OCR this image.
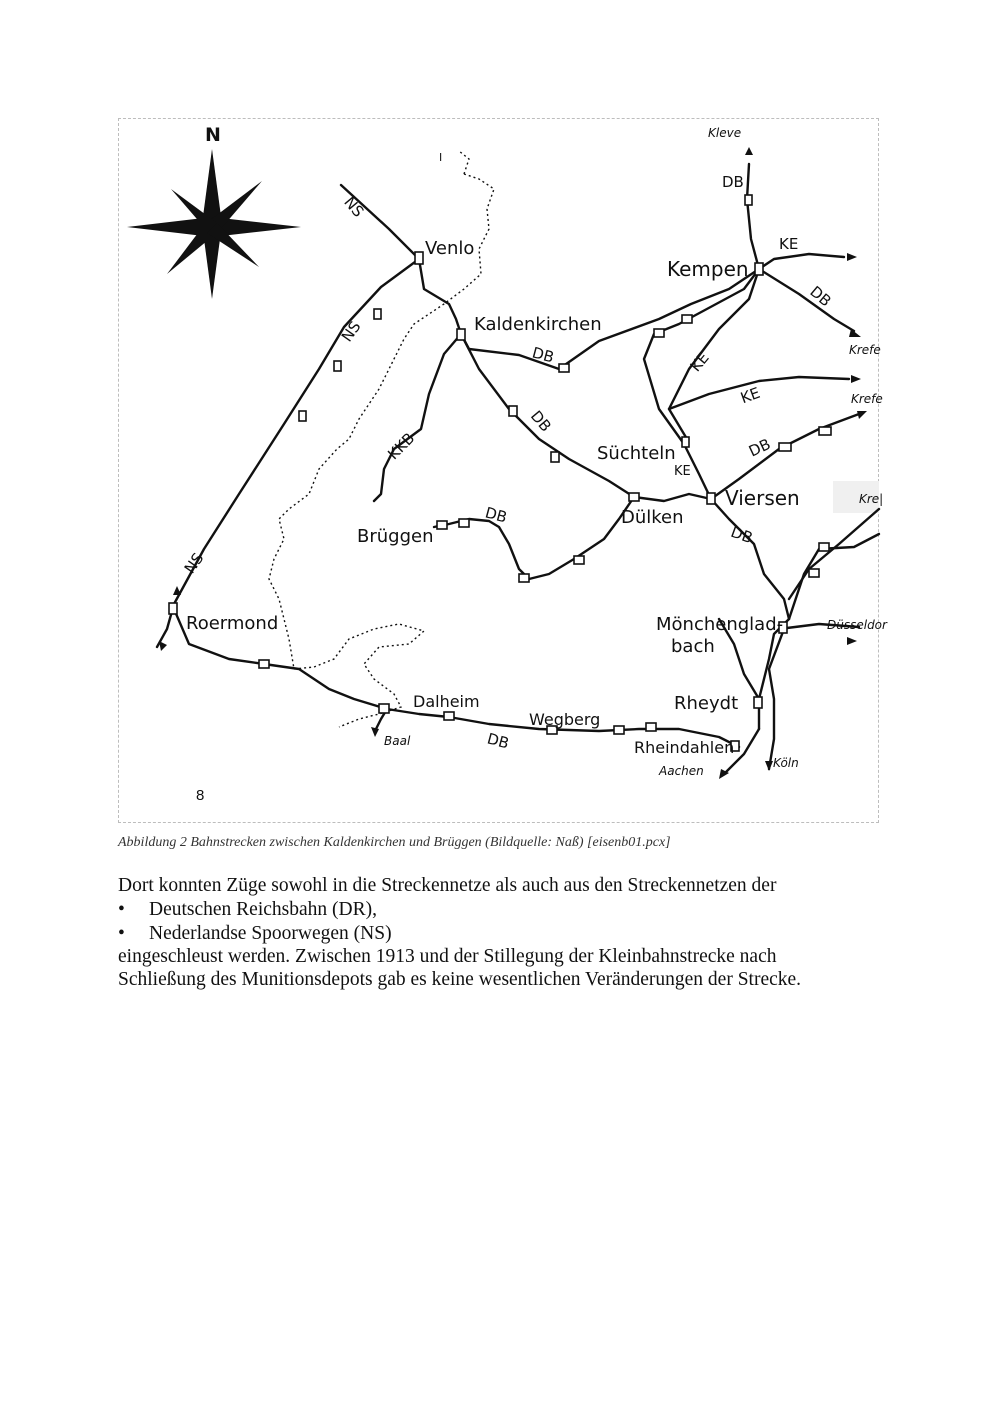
N
Venlo
Kaldenkirchen
Kempen
Süchteln
Viersen
Dülken
Brüggen
Roermond	Mönchenglad-
bach
Rheydt
Dalheim
Wegberg
Rheindahlen
Kleve
Krefe
Krefe
Kre|
Düsseldor
Köln
Aachen
Baal
NS
NS
NS
DB
KE
DB
KE
KE
DB
DB
KKB
KE
DB
DB
DB
DB
I
8
Abbildung 2 Bahnstrecken zwischen Kaldenkirchen und Brüggen (Bildquelle: Naß) [eisenb01.pcx]
Dort konnten Züge sowohl in die Streckennetze als auch aus den Streckennetzen der
• Deutschen Reichsbahn (DR),
• Nederlandse Spoorwegen (NS)
eingeschleust werden. Zwischen 1913 und der Stillegung der Kleinbahnstrecke nach
Schließung des Munitionsdepots gab es keine wesentlichen Veränderungen der Strecke.
